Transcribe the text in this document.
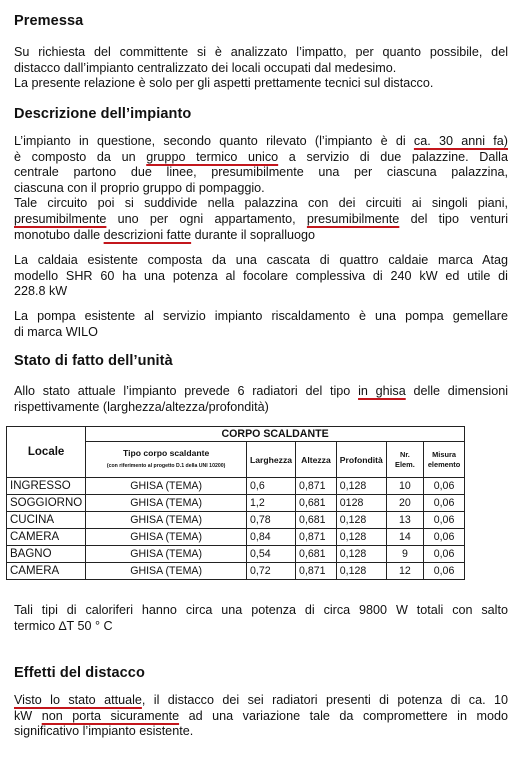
Premessa
Su richiesta del committente si è analizzato l’impatto, per quanto possibile, del
distacco dall’impianto centralizzato dei locali occupati dal medesimo.
La presente relazione è solo per gli aspetti prettamente tecnici sul distacco.
Descrizione dell’impianto
L’impianto in questione, secondo quanto rilevato (l’impianto è di ca. 30 anni fa)
è composto da un gruppo termico unico a servizio di due palazzine. Dalla
centrale partono due linee, presumibilmente una per ciascuna palazzina,
ciascuna con il proprio gruppo di pompaggio.
Tale circuito poi si suddivide nella palazzina con dei circuiti ai singoli piani,
presumibilmente uno per ogni appartamento, presumibilmente del tipo venturi
monotubo dalle descrizioni fatte durante il sopralluogo
La caldaia esistente composta da una cascata di quattro caldaie marca Atag
modello SHR 60 ha una potenza al focolare complessiva di 240 kW ed utile di
228.8 kW
La pompa esistente al servizio impianto riscaldamento è una pompa gemellare
di marca WILO
Stato di fatto dell’unità
Allo stato attuale l’impianto prevede 6 radiatori del tipo in ghisa delle dimensioni
rispettivamente (larghezza/altezza/profondità)
Locale	CORPO SCALDANTE					
	Tipo corpo scaldante
(con riferimento al progetto D.1 della UNI 10200)	Larghezza	Altezza	Profondità	Nr. Elem.	Misura elemento
INGRESSO	GHISA (TEMA)	0,6	0,871	0,128	10	0,06
SOGGIORNO	GHISA (TEMA)	1,2	0,681	0128	20	0,06
CUCINA	GHISA (TEMA)	0,78	0,681	0,128	13	0,06
CAMERA	GHISA (TEMA)	0,84	0,871	0,128	14	0,06
BAGNO	GHISA (TEMA)	0,54	0,681	0,128	9	0,06
CAMERA	GHISA (TEMA)	0,72	0,871	0,128	12	0,06
Tali tipi di caloriferi hanno circa una potenza di circa 9800 W totali con salto
termico ∆T 50 ° C
Effetti del distacco
Visto lo stato attuale, il distacco dei sei radiatori presenti di potenza di ca. 10
kW non porta sicuramente ad una variazione tale da compromettere in modo
significativo l’impianto esistente.
